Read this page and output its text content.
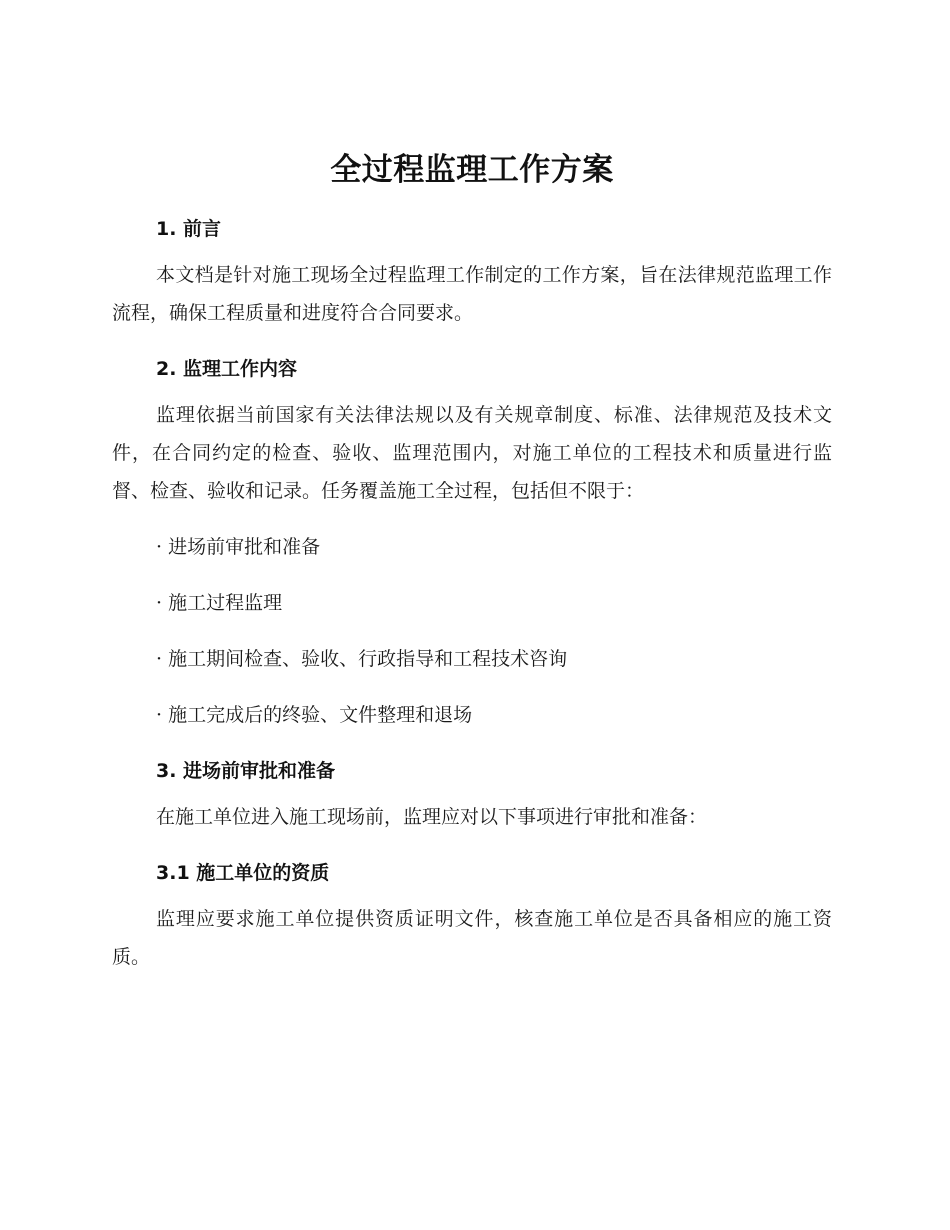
全过程监理工作方案
1. 前言

本文档是针对施工现场全过程监理工作制定的工作方案，旨在法律规范监理工作流程，确保工程质量和进度符合合同要求。

2. 监理工作内容

监理依据当前国家有关法律法规以及有关规章制度、标准、法律规范及技术文件，在合同约定的检查、验收、监理范围内，对施工单位的工程技术和质量进行监督、检查、验收和记录。任务覆盖施工全过程，包括但不限于：

· 进场前审批和准备

· 施工过程监理

· 施工期间检查、验收、行政指导和工程技术咨询

· 施工完成后的终验、文件整理和退场

3. 进场前审批和准备

在施工单位进入施工现场前，监理应对以下事项进行审批和准备：

3.1 施工单位的资质

监理应要求施工单位提供资质证明文件，核查施工单位是否具备相应的施工资质。
